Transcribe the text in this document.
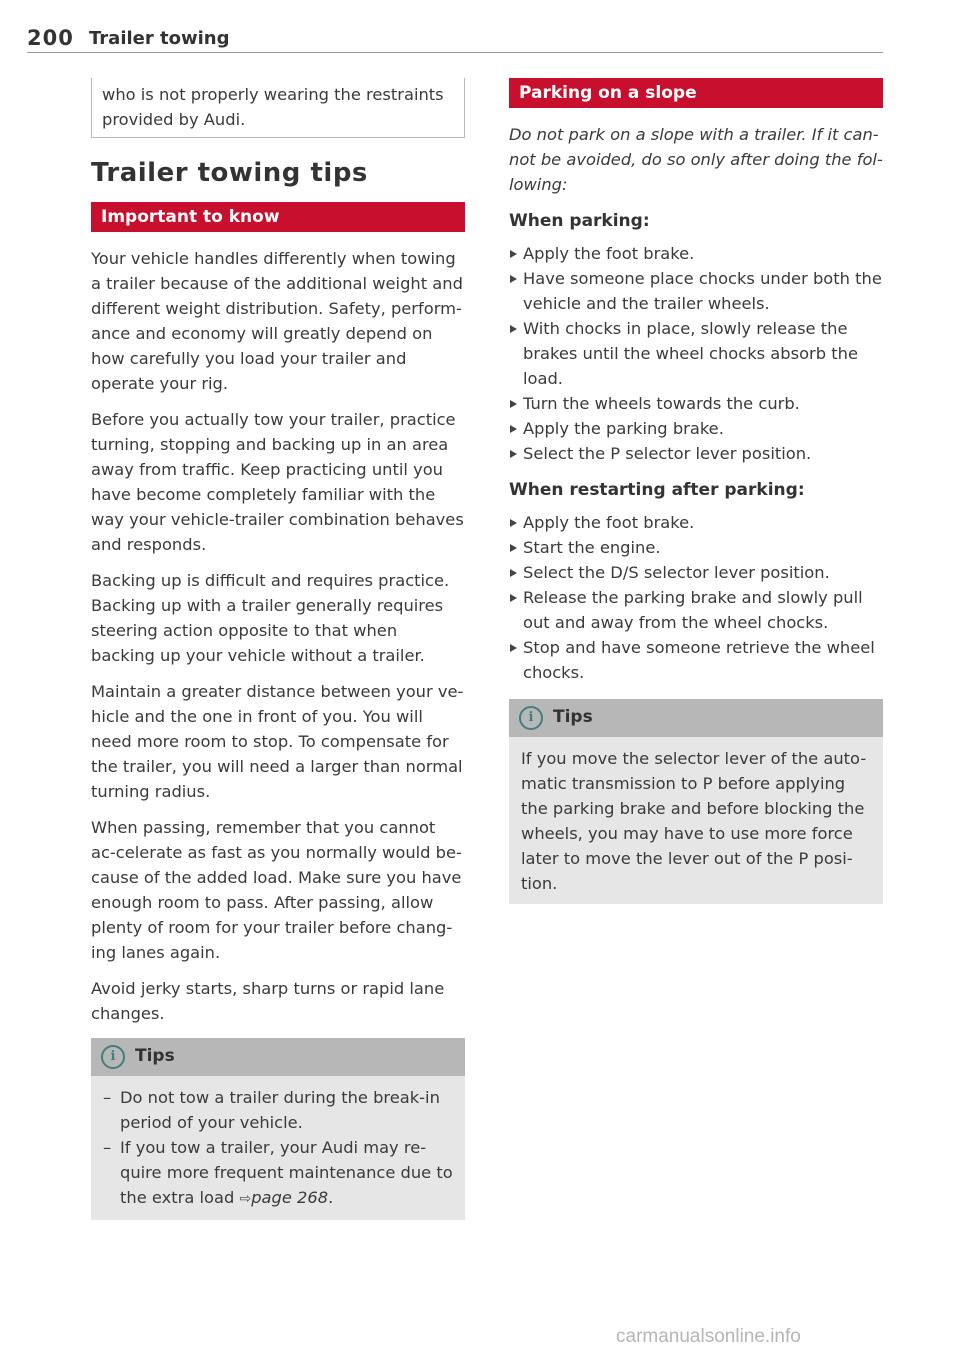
200 Trailer towing
who is not properly wearing the restraints provided by Audi.
Trailer towing tips
Important to know

Your vehicle handles differently when towing a trailer because of the additional weight and different weight distribution. Safety, perform-ance and economy will greatly depend on how carefully you load your trailer and operate your rig.

Before you actually tow your trailer, practice turning, stopping and backing up in an area away from traffic. Keep practicing until you have become completely familiar with the way your vehicle-trailer combination behaves and responds.

Backing up is difficult and requires practice. Backing up with a trailer generally requires steering action opposite to that when backing up your vehicle without a trailer.

Maintain a greater distance between your ve-hicle and the one in front of you. You will need more room to stop. To compensate for the trailer, you will need a larger than normal turning radius.

When passing, remember that you cannot ac-celerate as fast as you normally would be-cause of the added load. Make sure you have enough room to pass. After passing, allow plenty of room for your trailer before chang-ing lanes again.

Avoid jerky starts, sharp turns or rapid lane changes.

i	Tips
– Do not tow a trailer during the break-in period of your vehicle.
– If you tow a trailer, your Audi may re-quire more frequent maintenance due to the extra load ⇨page 268.
Parking on a slope

Do not park on a slope with a trailer. If it can-not be avoided, do so only after doing the fol-lowing:

When parking:
Apply the foot brake.
Have someone place chocks under both the vehicle and the trailer wheels.
With chocks in place, slowly release the brakes until the wheel chocks absorb the load.
Turn the wheels towards the curb.
Apply the parking brake.
Select the P selector lever position.
When restarting after parking:
Apply the foot brake.
Start the engine.
Select the D/S selector lever position.
Release the parking brake and slowly pull out and away from the wheel chocks.
Stop and have someone retrieve the wheel chocks.
i	Tips
If you move the selector lever of the auto-matic transmission to P before applying the parking brake and before blocking the wheels, you may have to use more force later to move the lever out of the P posi-tion.
carmanualsonline.info
